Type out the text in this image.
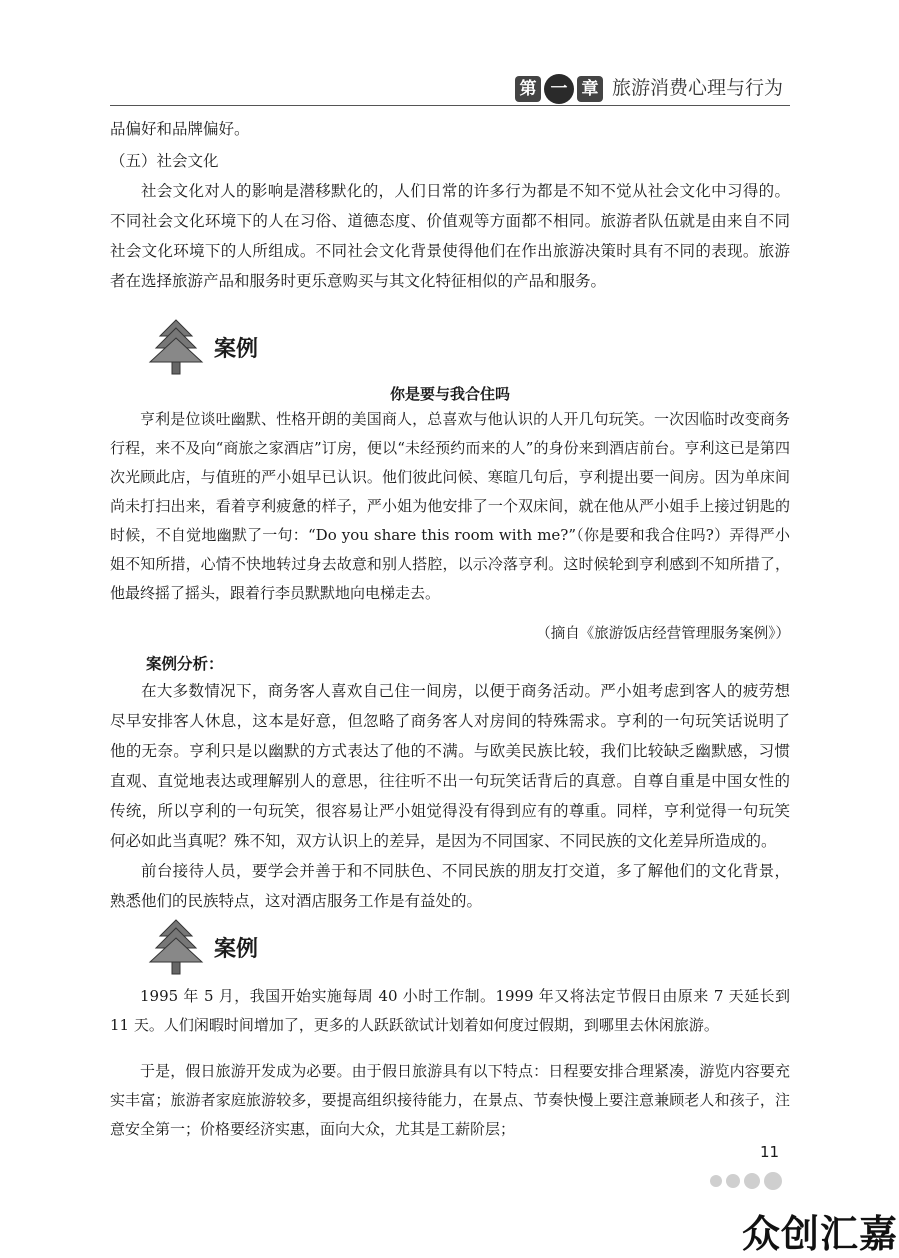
第 一 章 旅游消费心理与行为
品偏好和品牌偏好。
（五）社会文化
社会文化对人的影响是潜移默化的，人们日常的许多行为都是不知不觉从社会文化中习得的。不同社会文化环境下的人在习俗、道德态度、价值观等方面都不相同。旅游者队伍就是由来自不同社会文化环境下的人所组成。不同社会文化背景使得他们在作出旅游决策时具有不同的表现。旅游者在选择旅游产品和服务时更乐意购买与其文化特征相似的产品和服务。
案例
你是要与我合住吗
亨利是位谈吐幽默、性格开朗的美国商人，总喜欢与他认识的人开几句玩笑。一次因临时改变商务行程，来不及向“商旅之家酒店”订房，便以“未经预约而来的人”的身份来到酒店前台。亨利这已是第四次光顾此店，与值班的严小姐早已认识。他们彼此问候、寒暄几句后，亨利提出要一间房。因为单床间尚未打扫出来，看着亨利疲惫的样子，严小姐为他安排了一个双床间，就在他从严小姐手上接过钥匙的时候，不自觉地幽默了一句：“Do you share this room with me?”（你是要和我合住吗?）弄得严小姐不知所措，心情不快地转过身去故意和别人搭腔，以示冷落亨利。这时候轮到亨利感到不知所措了，他最终摇了摇头，跟着行李员默默地向电梯走去。
（摘自《旅游饭店经营管理服务案例》）
案例分析：
在大多数情况下，商务客人喜欢自己住一间房，以便于商务活动。严小姐考虑到客人的疲劳想尽早安排客人休息，这本是好意，但忽略了商务客人对房间的特殊需求。亨利的一句玩笑话说明了他的无奈。亨利只是以幽默的方式表达了他的不满。与欧美民族比较，我们比较缺乏幽默感，习惯直观、直觉地表达或理解别人的意思，往往听不出一句玩笑话背后的真意。自尊自重是中国女性的传统，所以亨利的一句玩笑，很容易让严小姐觉得没有得到应有的尊重。同样，亨利觉得一句玩笑何必如此当真呢？殊不知，双方认识上的差异，是因为不同国家、不同民族的文化差异所造成的。
前台接待人员，要学会并善于和不同肤色、不同民族的朋友打交道，多了解他们的文化背景，熟悉他们的民族特点，这对酒店服务工作是有益处的。
案例
1995 年 5 月，我国开始实施每周 40 小时工作制。1999 年又将法定节假日由原来 7 天延长到 11 天。人们闲暇时间增加了，更多的人跃跃欲试计划着如何度过假期，到哪里去休闲旅游。
于是，假日旅游开发成为必要。由于假日旅游具有以下特点：日程要安排合理紧凑，游览内容要充实丰富；旅游者家庭旅游较多，要提高组织接待能力，在景点、节奏快慢上要注意兼顾老人和孩子，注意安全第一；价格要经济实惠，面向大众，尤其是工薪阶层；
11
众创汇嘉
